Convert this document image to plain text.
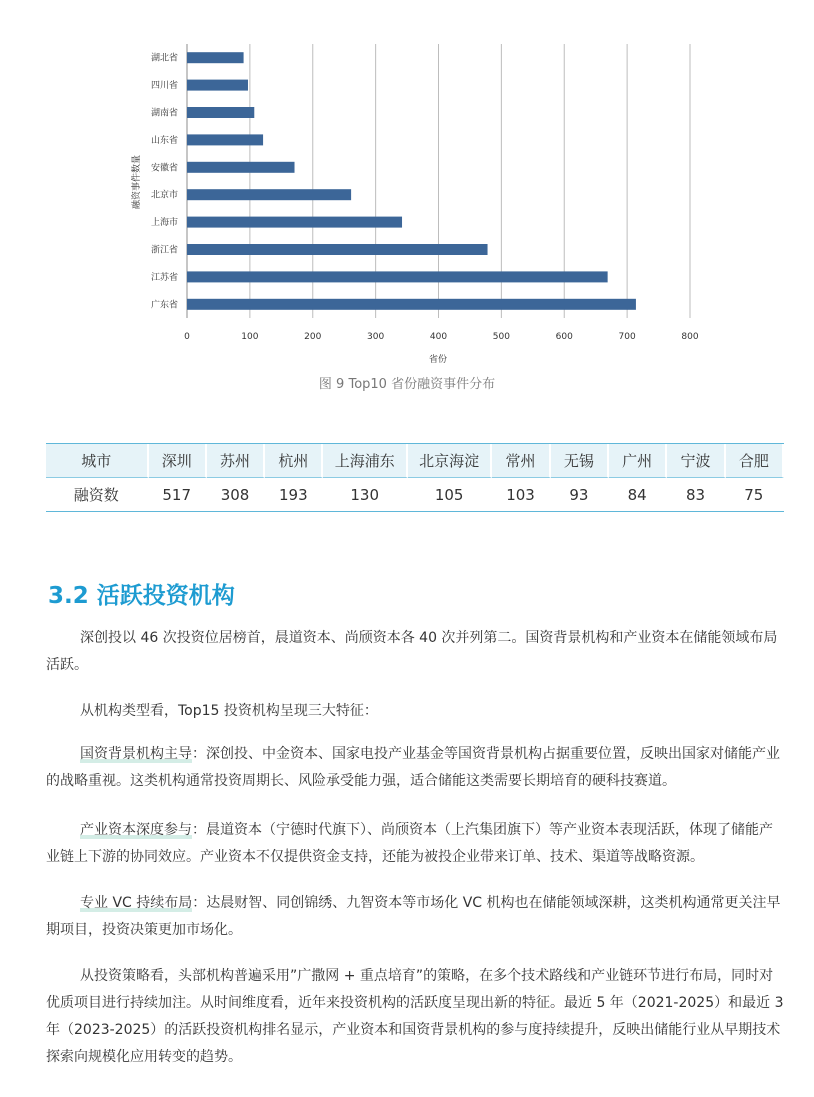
0	100	200	300	400	500	600	700	800
湖北省
四川省
湖南省
山东省
安徽省
北京市
上海市
浙江省
江苏省
广东省
省份
融资事件数量
图 9 Top10 省份融资事件分布
城市	深圳	苏州	杭州	上海浦东	北京海淀	常州	无锡	广州	宁波	合肥
融资数	517	308	193	130	105	103	93	84	83	75
3.2 活跃投资机构

深创投以 46 次投资位居榜首，晨道资本、尚颀资本各 40 次并列第二。国资背景机构和产业资本在储能领域布局活跃。

从机构类型看，Top15 投资机构呈现三大特征：

国资背景机构主导：深创投、中金资本、国家电投产业基金等国资背景机构占据重要位置，反映出国家对储能产业的战略重视。这类机构通常投资周期长、风险承受能力强，适合储能这类需要长期培育的硬科技赛道。

产业资本深度参与：晨道资本（宁德时代旗下）、尚颀资本（上汽集团旗下）等产业资本表现活跃，体现了储能产业链上下游的协同效应。产业资本不仅提供资金支持，还能为被投企业带来订单、技术、渠道等战略资源。

专业 VC 持续布局：达晨财智、同创锦绣、九智资本等市场化 VC 机构也在储能领域深耕，这类机构通常更关注早期项目，投资决策更加市场化。

从投资策略看，头部机构普遍采用”广撒网 + 重点培育”的策略，在多个技术路线和产业链环节进行布局，同时对优质项目进行持续加注。从时间维度看，近年来投资机构的活跃度呈现出新的特征。最近 5 年（2021-2025）和最近 3 年（2023-2025）的活跃投资机构排名显示，产业资本和国资背景机构的参与度持续提升，反映出储能行业从早期技术探索向规模化应用转变的趋势。
